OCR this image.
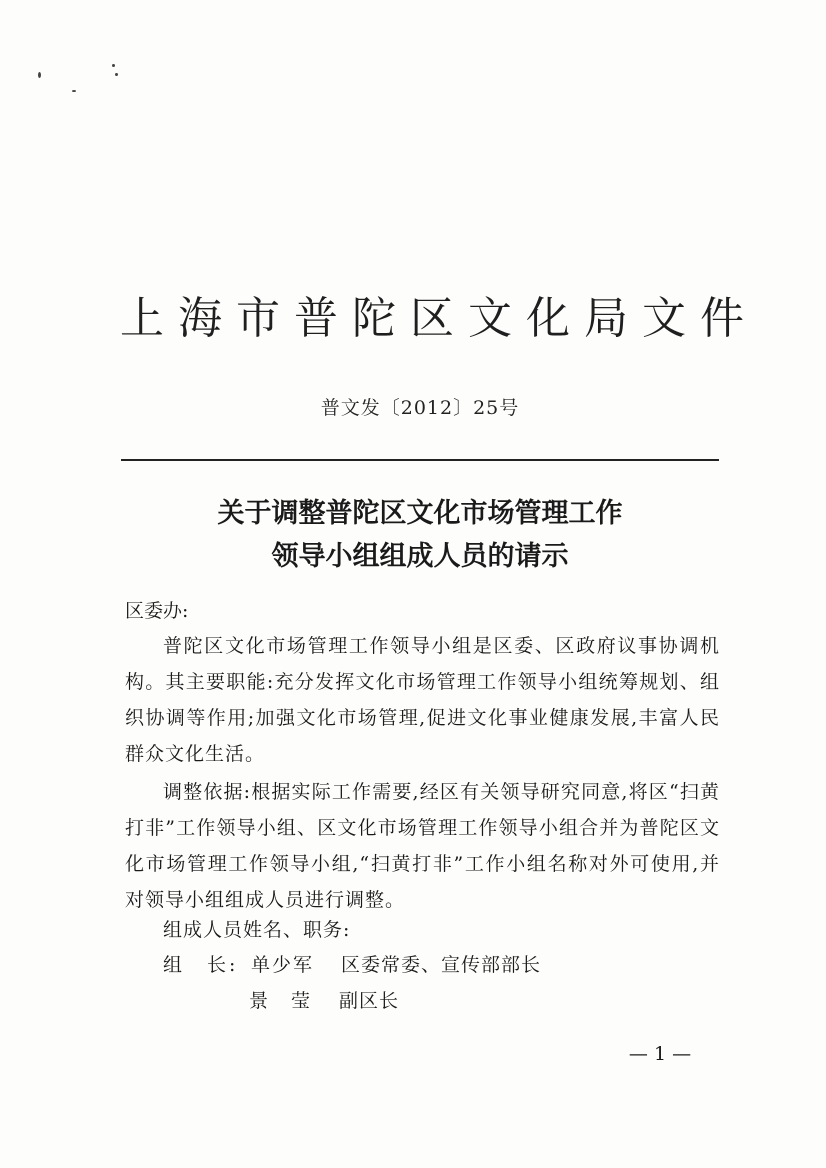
上海市普陀区文化局文件
普文发〔2012〕25号
关于调整普陀区文化市场管理工作
领导小组组成人员的请示
区委办:
普陀区文化市场管理工作领导小组是区委、区政府议事协调机构。其主要职能:充分发挥文化市场管理工作领导小组统筹规划、组织协调等作用;加强文化市场管理,促进文化事业健康发展,丰富人民群众文化生活。
调整依据:根据实际工作需要,经区有关领导研究同意,将区“扫黄打非”工作领导小组、区文化市场管理工作领导小组合并为普陀区文化市场管理工作领导小组,“扫黄打非”工作小组名称对外可使用,并对领导小组组成人员进行调整。
组成人员姓名、职务:
组　长: 单少军 区委常委、宣传部部长
景　莹 副区长
— 1 —
